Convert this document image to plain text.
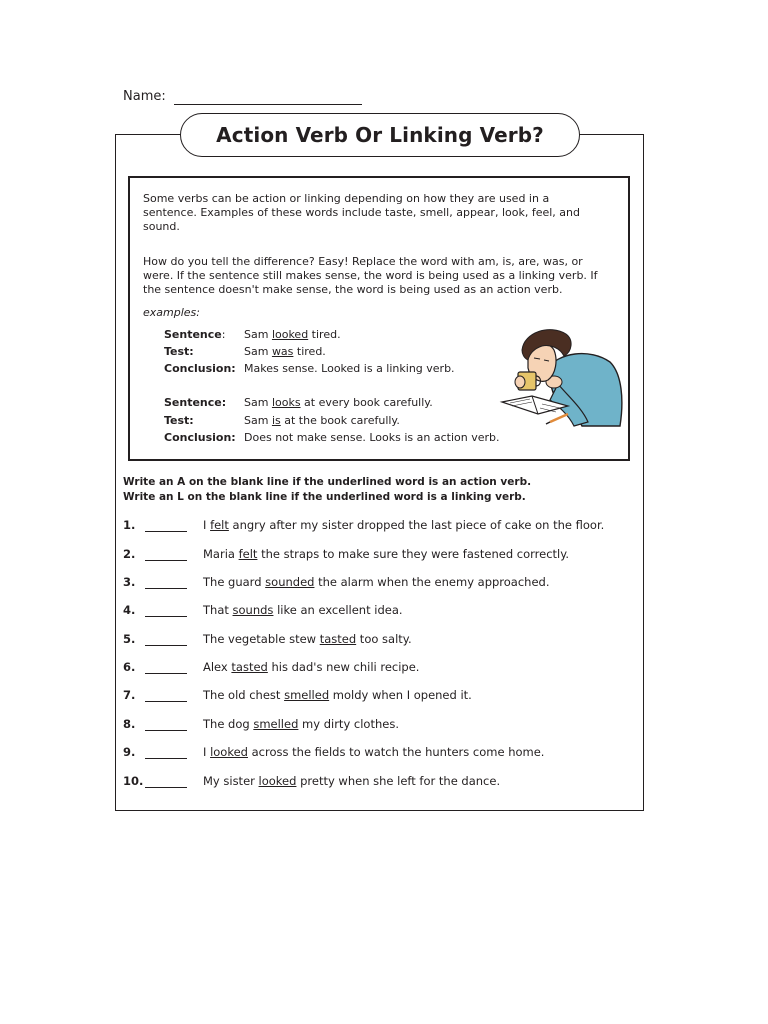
Name:
Action Verb Or Linking Verb?
Some verbs can be action or linking depending on how they are used in a
sentence. Examples of these words include taste, smell, appear, look, feel, and
sound.
How do you tell the difference? Easy! Replace the word with am, is, are, was, or
were. If the sentence still makes sense, the word is being used as a linking verb. If
the sentence doesn't make sense, the word is being used as an action verb.
examples:
Sentence: Sam looked tired.
Test:	Sam was tired.
Conclusion: Makes sense. Looked is a linking verb.
Sentence: Sam looks at every book carefully.
Test:	Sam is at the book carefully.
Conclusion: Does not make sense. Looks is an action verb.
Write an A on the blank line if the underlined word is an action verb.
Write an L on the blank line if the underlined word is a linking verb.
1.	I felt angry after my sister dropped the last piece of cake on the floor.
2.	Maria felt the straps to make sure they were fastened correctly.
3.	The guard sounded the alarm when the enemy approached.
4.	That sounds like an excellent idea.
5.	The vegetable stew tasted too salty.
6.	Alex tasted his dad's new chili recipe.
7.	The old chest smelled moldy when I opened it.
8.	The dog smelled my dirty clothes.
9.	I looked across the fields to watch the hunters come home.
10.	My sister looked pretty when she left for the dance.
